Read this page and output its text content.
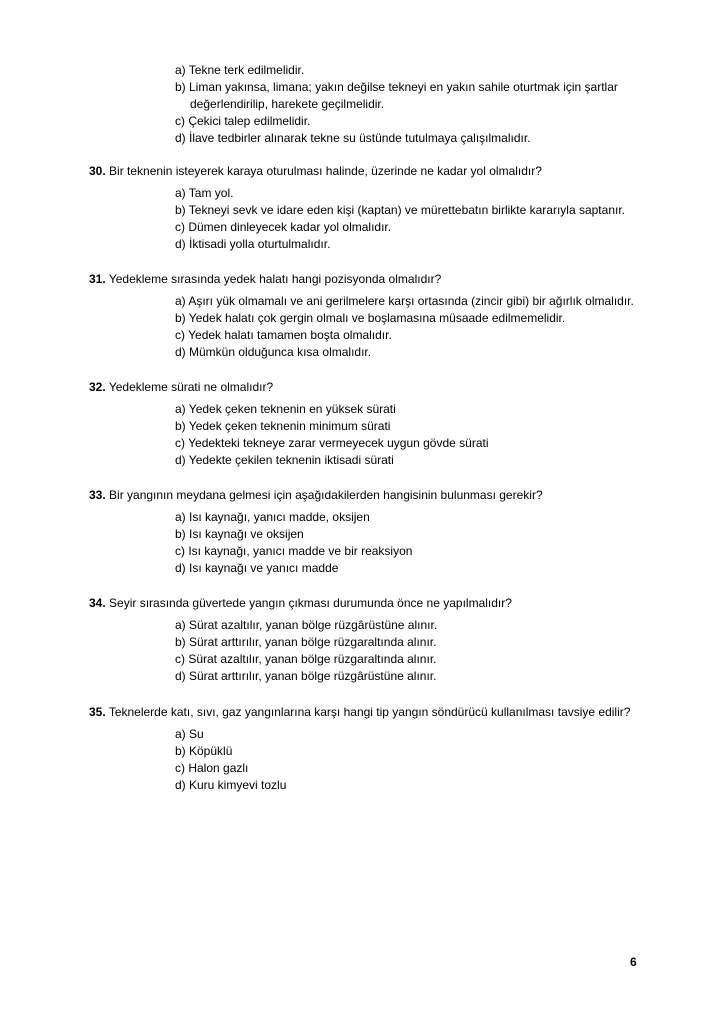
a) Tekne terk edilmelidir.
b) Liman yakınsa, limana; yakın değilse tekneyi en yakın sahile oturtmak için şartlar
değerlendirilip, harekete geçilmelidir.
c) Çekici talep edilmelidir.
d) İlave tedbirler alınarak tekne su üstünde tutulmaya çalışılmalıdır.
30. Bir teknenin isteyerek karaya oturulması halinde, üzerinde ne kadar yol olmalıdır?
a) Tam yol.
b) Tekneyi sevk ve idare eden kişi (kaptan) ve mürettebatın birlikte kararıyla saptanır.
c) Dümen dinleyecek kadar yol olmalıdır.
d) İktisadi yolla oturtulmalıdır.
31. Yedekleme sırasında yedek halatı hangi pozisyonda olmalıdır?
a) Aşırı yük olmamalı ve ani gerilmelere karşı ortasında (zincir gibi) bir ağırlık olmalıdır.
b) Yedek halatı çok gergin olmalı ve boşlamasına müsaade edilmemelidir.
c) Yedek halatı tamamen boşta olmalıdır.
d) Mümkün olduğunca kısa olmalıdır.
32. Yedekleme sürati ne olmalıdır?
a) Yedek çeken teknenin en yüksek sürati
b) Yedek çeken teknenin minimum sürati
c) Yedekteki tekneye zarar vermeyecek uygun gövde sürati
d) Yedekte çekilen teknenin iktisadi sürati
33. Bir yangının meydana gelmesi için aşağıdakilerden hangisinin bulunması gerekir?
a) Isı kaynağı, yanıcı madde, oksijen
b) Isı kaynağı ve oksijen
c) Isı kaynağı, yanıcı madde ve bir reaksiyon
d) Isı kaynağı ve yanıcı madde
34. Seyir sırasında güvertede yangın çıkması durumunda önce ne yapılmalıdır?
a) Sürat azaltılır, yanan bölge rüzgârüstüne alınır.
b) Sürat arttırılır, yanan bölge rüzgaraltında alınır.
c) Sürat azaltılır, yanan bölge rüzgaraltında alınır.
d) Sürat arttırılır, yanan bölge rüzgârüstüne alınır.
35. Teknelerde katı, sıvı, gaz yangınlarına karşı hangi tip yangın söndürücü kullanılması tavsiye edilir?
a) Su
b) Köpüklü
c) Halon gazlı
d) Kuru kimyevi tozlu
6
